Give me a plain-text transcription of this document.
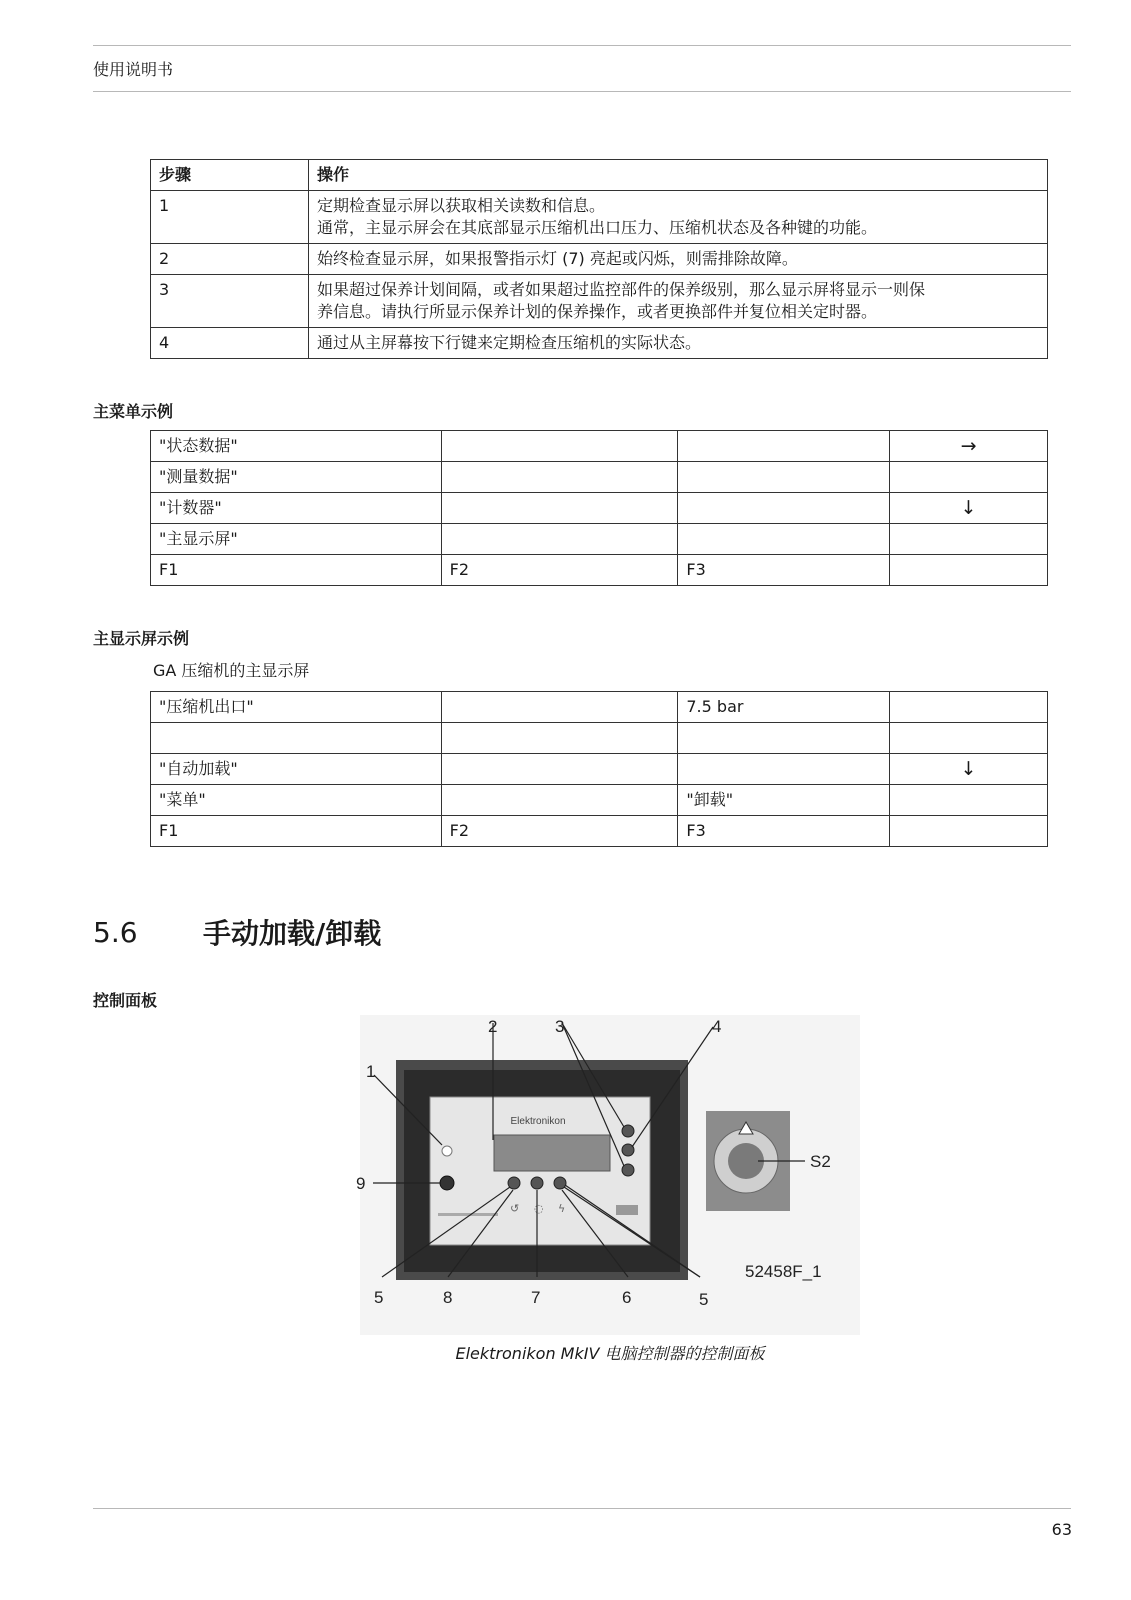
使用说明书
步骤	操作
1	定期检查显示屏以获取相关读数和信息。
通常，主显示屏会在其底部显示压缩机出口压力、压缩机状态及各种键的功能。

2	始终检查显示屏，如果报警指示灯 (7) 亮起或闪烁，则需排除故障。

3	如果超过保养计划间隔，或者如果超过监控部件的保养级别，那么显示屏将显示一则保
养信息。请执行所显示保养计划的保养操作，或者更换部件并复位相关定时器。

4	通过从主屏幕按下行键来定期检查压缩机的实际状态。
主菜单示例
"状态数据"			→
"测量数据"			
"计数器"			↓
"主显示屏"			
F1	F2	F3	
主显示屏示例
GA 压缩机的主显示屏
"压缩机出口"		7.5 bar	

"自动加载"			↓
"菜单"		"卸载"	
F1	F2	F3	
5.6 手动加载/卸载
控制面板
Elektronikon
↺ ◌ ϟ
1
2	3	4
5	6
7
8
9
5
S2
52458F_1
Elektronikon MkIV 电脑控制器的控制面板
63
